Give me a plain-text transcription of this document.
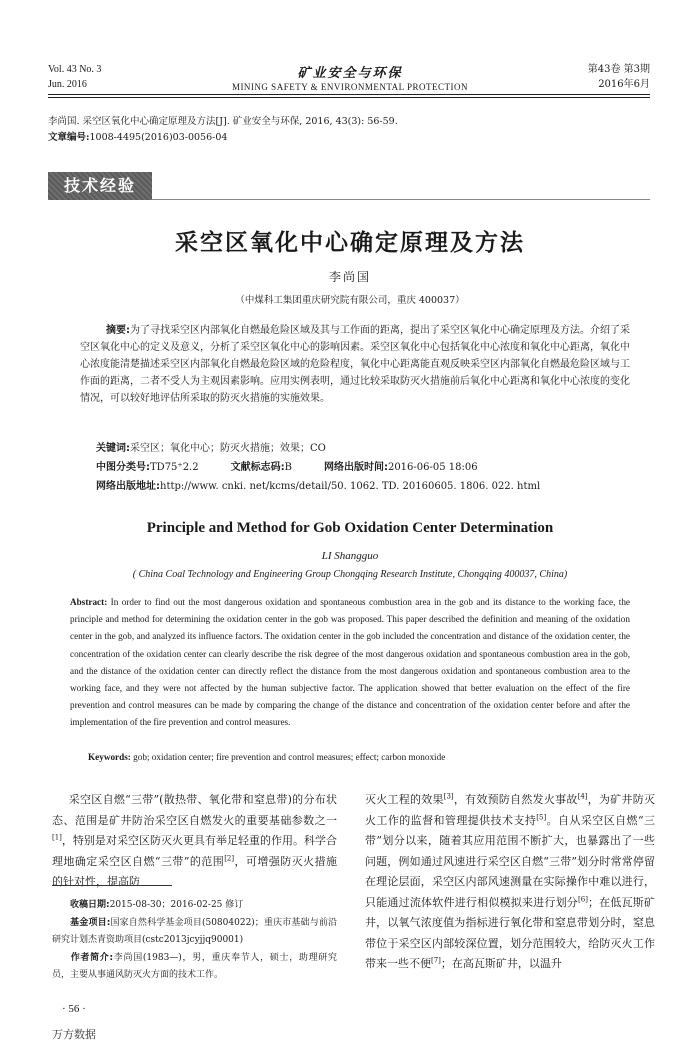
Vol. 43 No. 3
Jun. 2016
矿业安全与环保
MINING SAFETY & ENVIRONMENTAL PROTECTION
第43卷 第3期
2016年6月
李尚国. 采空区氧化中心确定原理及方法[J]. 矿业安全与环保, 2016, 43(3): 56-59.
文章编号:1008-4495(2016)03-0056-04
技术经验
采空区氧化中心确定原理及方法
李尚国
（中煤科工集团重庆研究院有限公司，重庆 400037）
摘要:为了寻找采空区内部氧化自燃最危险区域及其与工作面的距离，提出了采空区氧化中心确定原理及方法。介绍了采空区氧化中心的定义及意义，分析了采空区氧化中心的影响因素。采空区氧化中心包括氧化中心浓度和氧化中心距离，氧化中心浓度能清楚描述采空区内部氧化自燃最危险区域的危险程度，氧化中心距离能直观反映采空区内部氧化自燃最危险区域与工作面的距离，二者不受人为主观因素影响。应用实例表明，通过比较采取防灭火措施前后氧化中心距离和氧化中心浓度的变化情况，可以较好地评估所采取的防灭火措施的实施效果。
关键词:采空区；氧化中心；防灭火措施；效果；CO
中图分类号:TD75⁺2.2	文献标志码:B	网络出版时间:2016-06-05 18:06
网络出版地址:http://www. cnki. net/kcms/detail/50. 1062. TD. 20160605. 1806. 022. html
Principle and Method for Gob Oxidation Center Determination
LI Shangguo
( China Coal Technology and Engineering Group Chongqing Research Institute, Chongqing 400037, China)
Abstract: In order to find out the most dangerous oxidation and spontaneous combustion area in the gob and its distance to the working face, the principle and method for determining the oxidation center in the gob was proposed. This paper described the definition and meaning of the oxidation center in the gob, and analyzed its influence factors. The oxidation center in the gob included the concentration and distance of the oxidation center, the concentration of the oxidation center can clearly describe the risk degree of the most dangerous oxidation and spontaneous combustion area in the gob, and the distance of the oxidation center can directly reflect the distance from the most dangerous oxidation and spontaneous combustion area to the working face, and they were not affected by the human subjective factor. The application showed that better evaluation on the effect of the fire prevention and control measures can be made by comparing the change of the distance and concentration of the oxidation center before and after the implementation of the fire prevention and control measures.
Keywords: gob; oxidation center; fire prevention and control measures; effect; carbon monoxide
  采空区自燃“三带”(散热带、氧化带和窒息带)的分布状态、范围是矿井防治采空区自燃发火的重要基础参数之一[1]，特别是对采空区防灭火更具有举足轻重的作用。科学合理地确定采空区自燃“三带”的范围[2]，可增强防灭火措施的针对性，提高防
灭火工程的效果[3]，有效预防自然发火事故[4]，为矿井防灭火工作的监督和管理提供技术支持[5]。自从采空区自燃“三带”划分以来，随着其应用范围不断扩大，也暴露出了一些问题，例如通过风速进行采空区自燃“三带”划分时常常停留在理论层面，采空区内部风速测量在实际操作中难以进行，只能通过流体软件进行相似模拟来进行划分[6]；在低瓦斯矿井，以氧气浓度值为指标进行氧化带和窒息带划分时，窒息带位于采空区内部较深位置，划分范围较大，给防灭火工作带来一些不便[7]；在高瓦斯矿井，以温升
  收稿日期:2015-08-30；2016-02-25 修订
  基金项目:国家自然科学基金项目(50804022)；重庆市基础与前沿研究计划杰青资助项目(cstc2013jcyjjq90001)
  作者简介:李尚国(1983—)，男，重庆奉节人，硕士，助理研究员，主要从事通风防灭火方面的技术工作。
· 56 ·
万方数据
